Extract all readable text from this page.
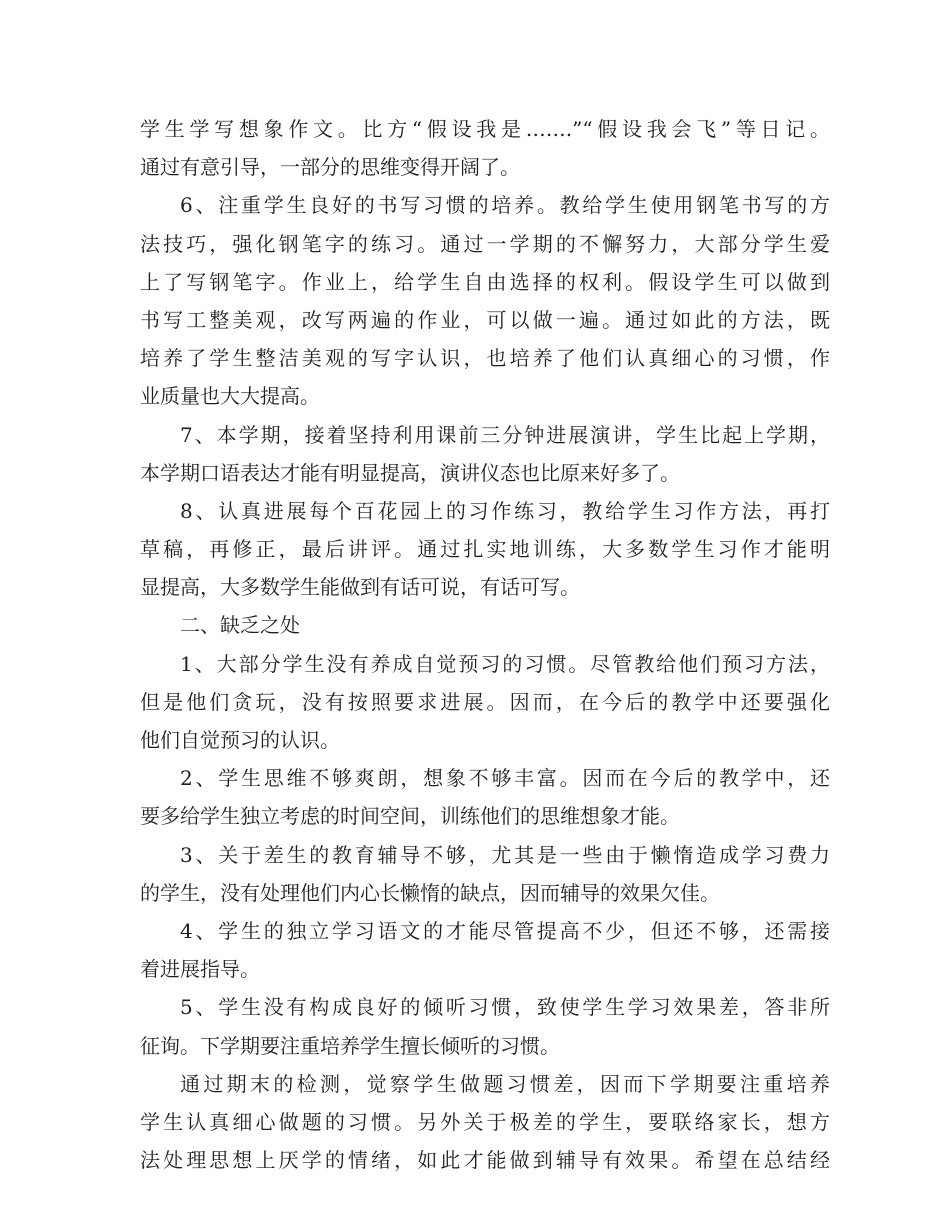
学生学写想象作文。比方“假设我是…….”“假设我会飞”等日记。
通过有意引导，一部分的思维变得开阔了。
6、注重学生良好的书写习惯的培养。教给学生使用钢笔书写的方
法技巧，强化钢笔字的练习。通过一学期的不懈努力，大部分学生爱
上了写钢笔字。作业上，给学生自由选择的权利。假设学生可以做到
书写工整美观，改写两遍的作业，可以做一遍。通过如此的方法，既
培养了学生整洁美观的写字认识，也培养了他们认真细心的习惯，作
业质量也大大提高。
7、本学期，接着坚持利用课前三分钟进展演讲，学生比起上学期，
本学期口语表达才能有明显提高，演讲仪态也比原来好多了。
8、认真进展每个百花园上的习作练习，教给学生习作方法，再打
草稿，再修正，最后讲评。通过扎实地训练，大多数学生习作才能明
显提高，大多数学生能做到有话可说，有话可写。
二、缺乏之处
1、大部分学生没有养成自觉预习的习惯。尽管教给他们预习方法，
但是他们贪玩，没有按照要求进展。因而，在今后的教学中还要强化
他们自觉预习的认识。
2、学生思维不够爽朗，想象不够丰富。因而在今后的教学中，还
要多给学生独立考虑的时间空间，训练他们的思维想象才能。
3、关于差生的教育辅导不够，尤其是一些由于懒惰造成学习费力
的学生，没有处理他们内心长懒惰的缺点，因而辅导的效果欠佳。
4、学生的独立学习语文的才能尽管提高不少，但还不够，还需接
着进展指导。
5、学生没有构成良好的倾听习惯，致使学生学习效果差，答非所
征询。下学期要注重培养学生擅长倾听的习惯。
通过期末的检测，觉察学生做题习惯差，因而下学期要注重培养
学生认真细心做题的习惯。另外关于极差的学生，要联络家长，想方
法处理思想上厌学的情绪，如此才能做到辅导有效果。希望在总结经
